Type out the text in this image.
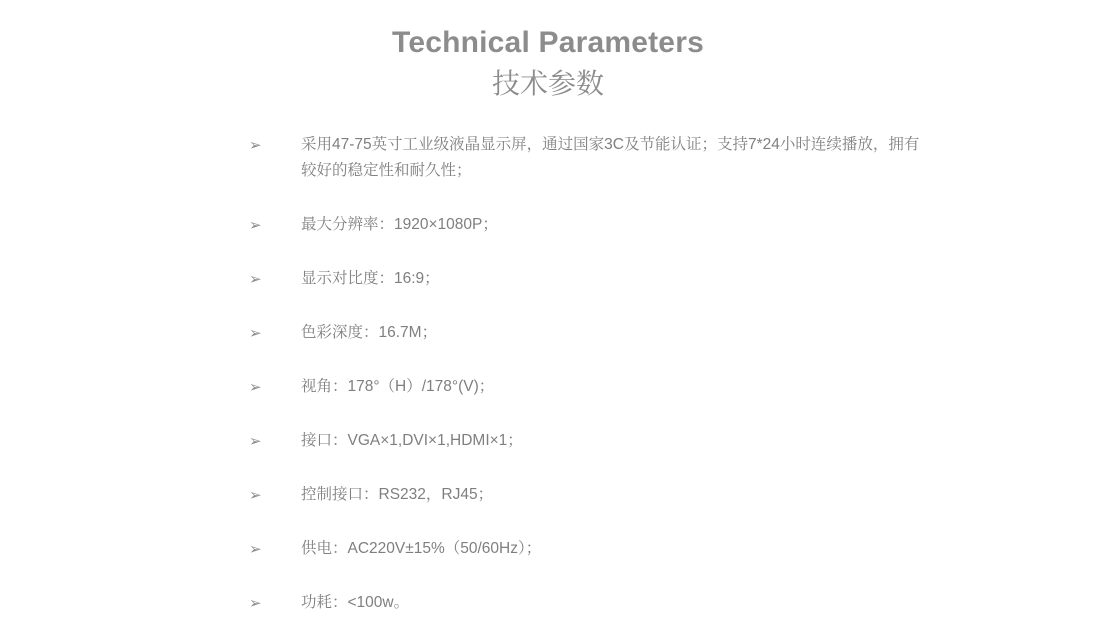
Technical Parameters
技术参数
➢	采用47-75英寸工业级液晶显示屏，通过国家3C及节能认证；支持7*24小时连续播放，拥有较好的稳定性和耐久性；
➢	最大分辨率：1920×1080P；
➢	显示对比度：16:9；
➢	色彩深度：16.7M；
➢	视角：178°（H）/178°(V)；
➢	接口：VGA×1,DVI×1,HDMI×1；
➢	控制接口：RS232，RJ45；
➢	供电：AC220V±15%（50/60Hz）；
➢	功耗：<100w。
